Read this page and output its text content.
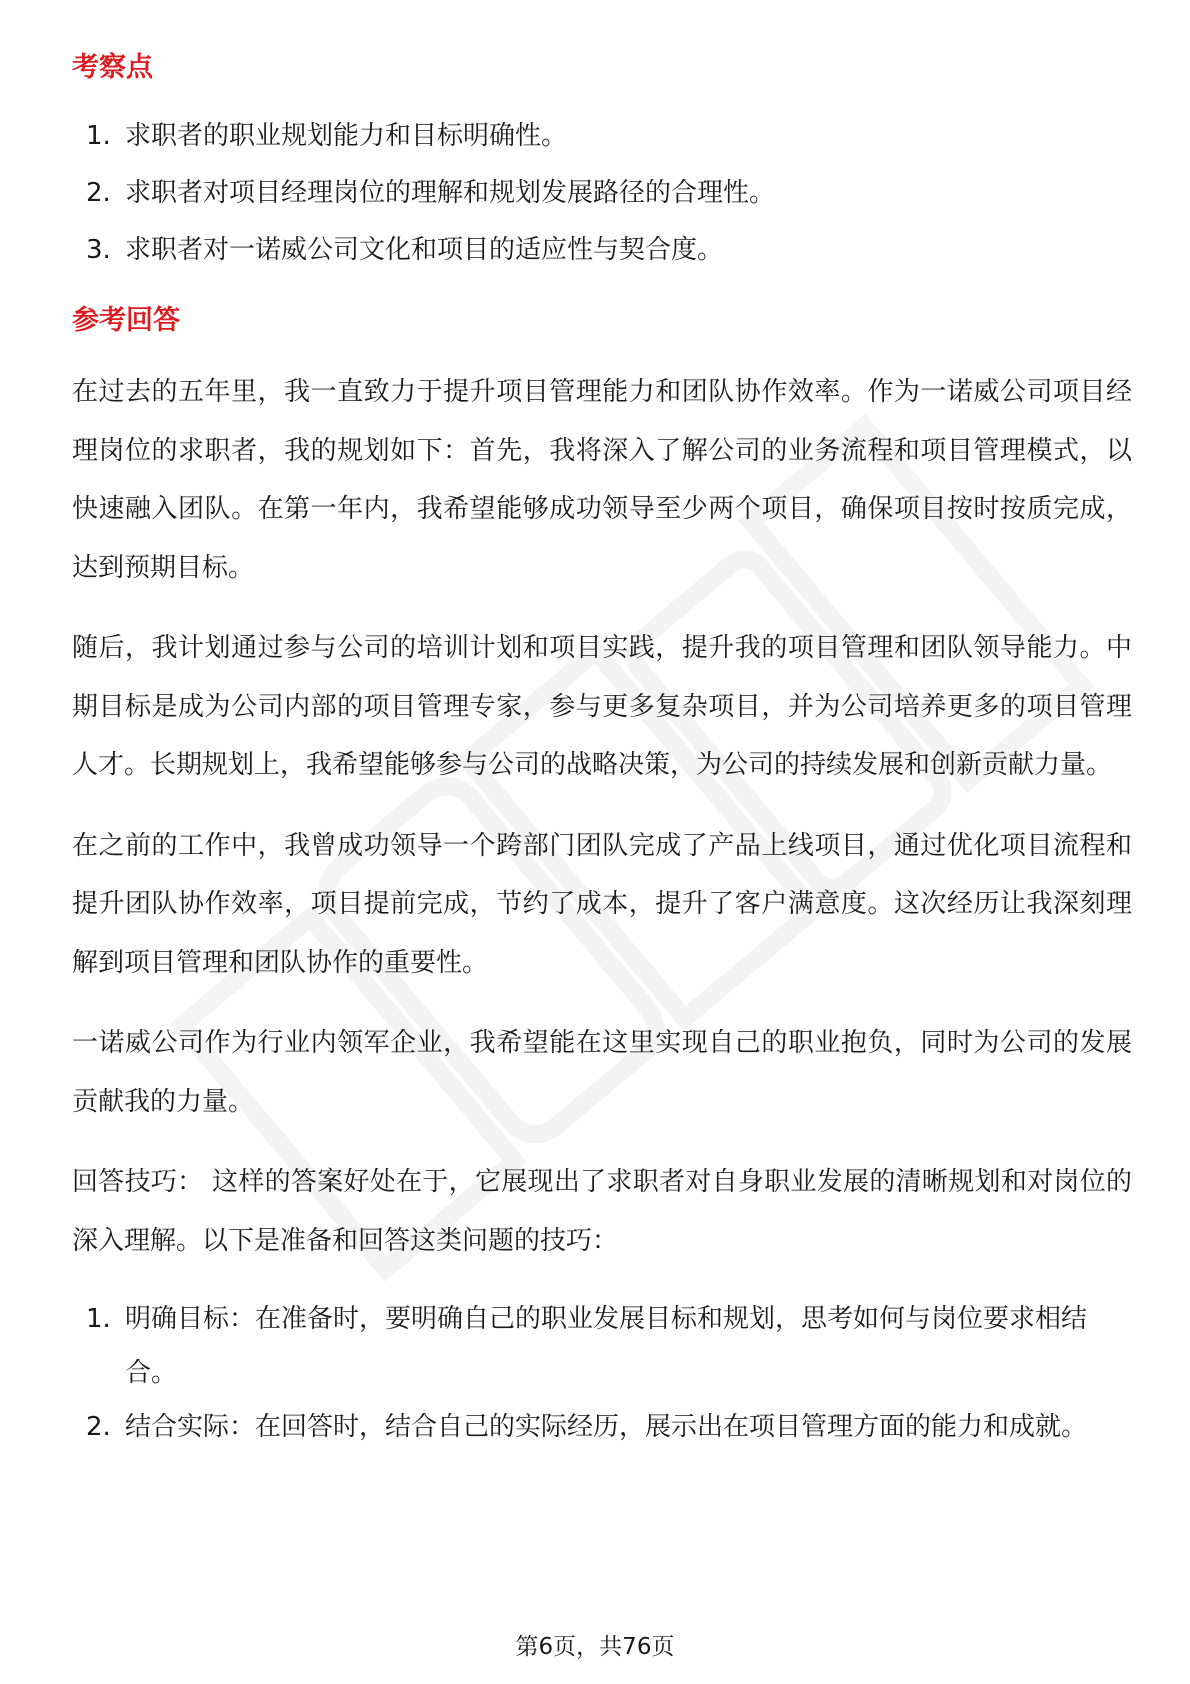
考察点
1. 求职者的职业规划能力和目标明确性。
2. 求职者对项目经理岗位的理解和规划发展路径的合理性。
3. 求职者对一诺威公司文化和项目的适应性与契合度。
参考回答

在过去的五年里，我一直致力于提升项目管理能力和团队协作效率。作为一诺威公司项目经理岗位的求职者，我的规划如下：首先，我将深入了解公司的业务流程和项目管理模式，以快速融入团队。在第一年内，我希望能够成功领导至少两个项目，确保项目按时按质完成，达到预期目标。

随后，我计划通过参与公司的培训计划和项目实践，提升我的项目管理和团队领导能力。中期目标是成为公司内部的项目管理专家，参与更多复杂项目，并为公司培养更多的项目管理人才。长期规划上，我希望能够参与公司的战略决策，为公司的持续发展和创新贡献力量。

在之前的工作中，我曾成功领导一个跨部门团队完成了产品上线项目，通过优化项目流程和提升团队协作效率，项目提前完成，节约了成本，提升了客户满意度。这次经历让我深刻理解到项目管理和团队协作的重要性。

一诺威公司作为行业内领军企业，我希望能在这里实现自己的职业抱负，同时为公司的发展贡献我的力量。

回答技巧： 这样的答案好处在于，它展现出了求职者对自身职业发展的清晰规划和对岗位的深入理解。以下是准备和回答这类问题的技巧：

1. 明确目标：在准备时，要明确自己的职业发展目标和规划，思考如何与岗位要求相结合。
2. 结合实际：在回答时，结合自己的实际经历，展示出在项目管理方面的能力和成就。
第6页，共76页
